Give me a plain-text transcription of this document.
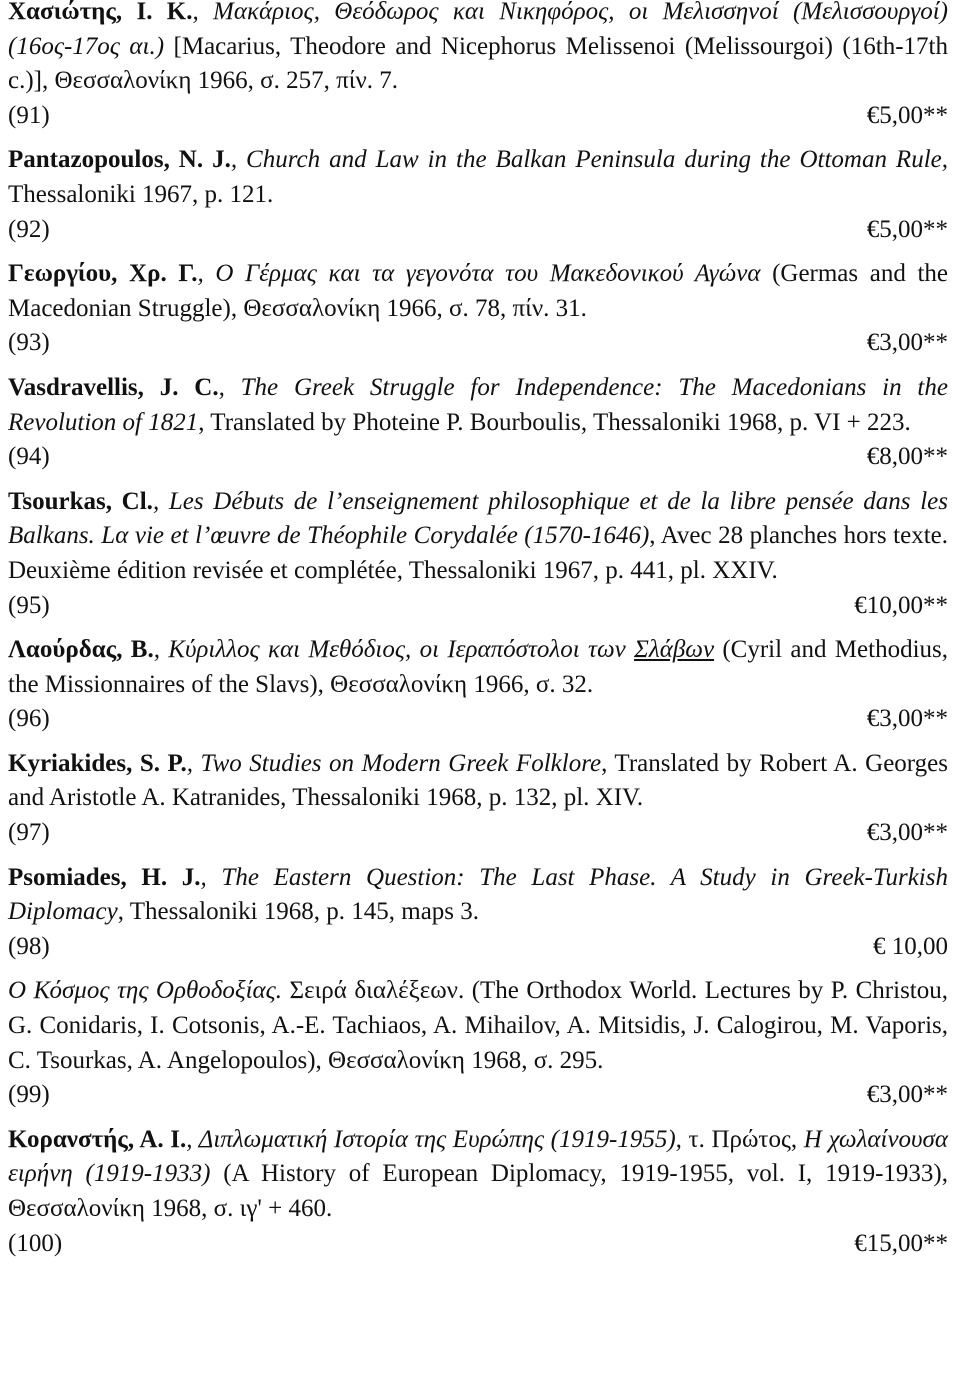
Χασιώτης, Ι. Κ., Μακάριος, Θεόδωρος και Νικηφόρος, οι Μελισσηνοί (Μελισσουργοί) (16ος-17ος αι.) [Macarius, Theodore and Nicephorus Melissenoi (Melissourgoi) (16th-17th c.)], Θεσσαλονίκη 1966, σ. 257, πίν. 7.

(91)	€5,00**

Pantazopoulos, N. J., Church and Law in the Balkan Peninsula during the Ottoman Rule, Thessaloniki 1967, p. 121.

(92)	€5,00**

Γεωργίου, Χρ. Γ., Ο Γέρμας και τα γεγονότα του Μακεδονικού Αγώνα (Germas and the Macedonian Struggle), Θεσσαλονίκη 1966, σ. 78, πίν. 31.

(93)	€3,00**

Vasdravellis, J. C., The Greek Struggle for Independence: The Macedonians in the Revolution of 1821, Translated by Photeine P. Bourboulis, Thessaloniki 1968, p. VI + 223.

(94)	€8,00**

Tsourkas, Cl., Les Débuts de l’enseignement philosophique et de la libre pensée dans les Balkans. Lα vie et l’œuvre de Théophile Corydalée (1570-1646), Avec 28 planches hors texte. Deuxième édition revisée et complétée, Thessaloniki 1967, p. 441, pl. XXIV.

(95)	€10,00**

Λαούρδας, Β., Κύριλλος και Μεθόδιος, οι Ιεραπόστολοι των Σλάβων (Cyril and Methodius, the Missionnaires of the Slavs), Θεσσαλονίκη 1966, σ. 32.

(96)	€3,00**

Kyriakides, S. P., Two Studies on Modern Greek Folklore, Translated by Robert A. Georges and Aristotle A. Katranides, Thessaloniki 1968, p. 132, pl. XIV.

(97)	€3,00**

Psomiades, H. J., The Eastern Question: The Last Phase. A Study in Greek-Turkish Diplomacy, Thessaloniki 1968, p. 145, maps 3.

(98)	€ 10,00

Ο Κόσμος της Ορθοδοξίας. Σειρά διαλέξεων. (The Orthodox World. Lectures by P. Christou, G. Conidaris, I. Cotsonis, A.-E. Tachiaos, A. Mihailov, A. Mitsidis, J. Calogirou, M. Vaporis, C. Tsourkas, A. Angelopoulos), Θεσσαλονίκη 1968, σ. 295.

(99)	€3,00**

Κορανστής, Α. Ι., Διπλωματική Ιστορία της Ευρώπης (1919-1955), τ. Πρώτος, Η χωλαίνουσα ειρήνη (1919-1933) (A History of European Diplomacy, 1919-1955, vol. I, 1919-1933), Θεσσαλονίκη 1968, σ. ιγ' + 460.

(100)	€15,00**
